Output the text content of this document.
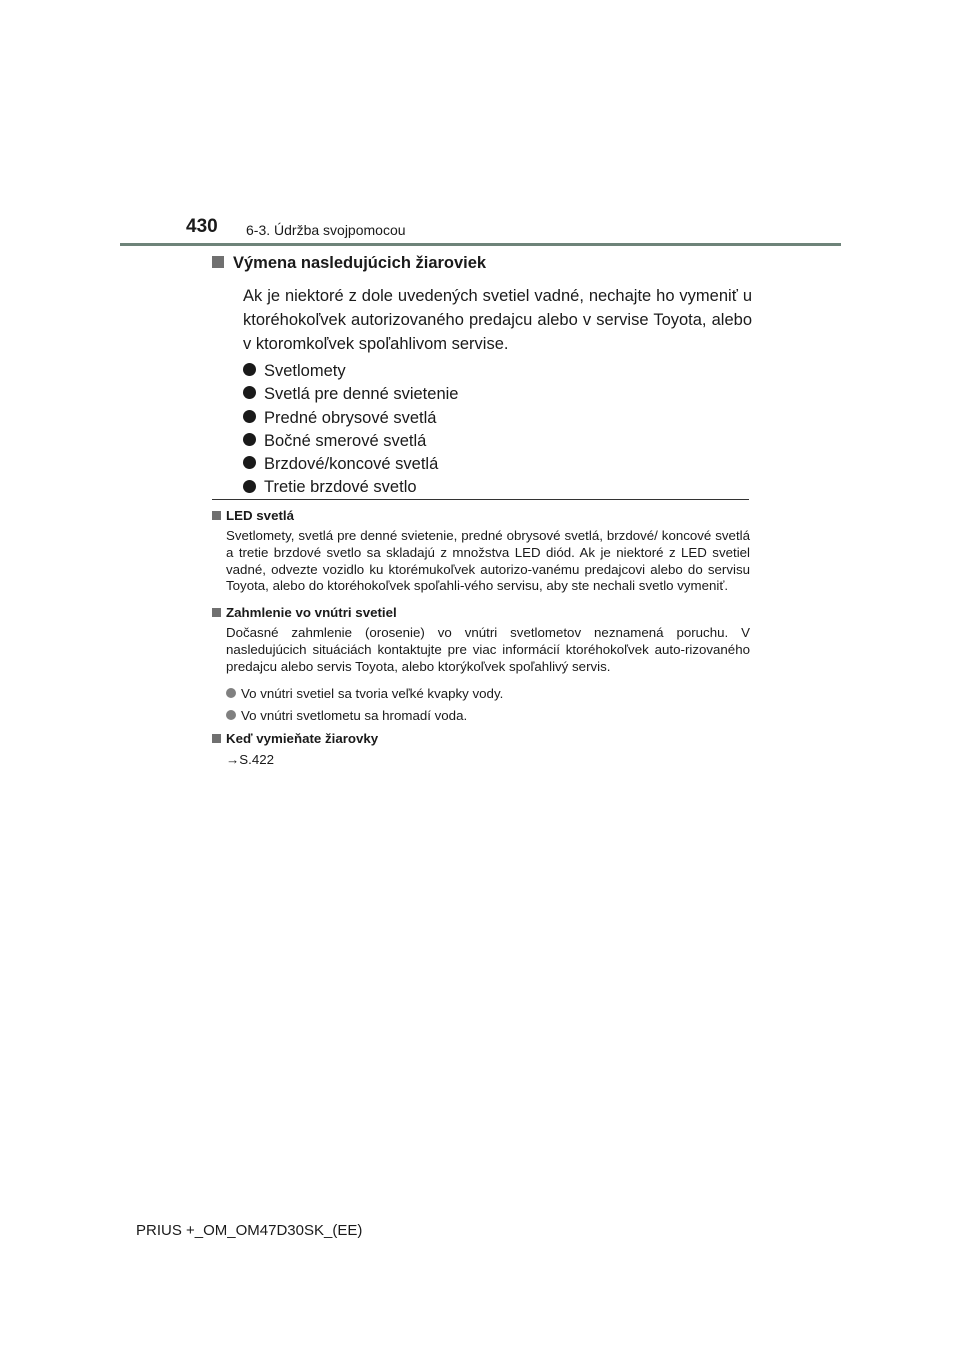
430 6-3. Údržba svojpomocou

Výmena nasledujúcich žiaroviek

Ak je niektoré z dole uvedených svetiel vadné, nechajte ho vymeniť u ktoréhokoľvek autorizovaného predajcu alebo v servise Toyota, alebo v ktoromkoľvek spoľahlivom servise.

Svetlomety
Svetlá pre denné svietenie
Predné obrysové svetlá
Bočné smerové svetlá
Brzdové/koncové svetlá
Tretie brzdové svetlo

LED svetlá

Svetlomety, svetlá pre denné svietenie, predné obrysové svetlá, brzdové/ koncové svetlá a tretie brzdové svetlo sa skladajú z množstva LED diód. Ak je niektoré z LED svetiel vadné, odvezte vozidlo ku ktorémukoľvek autorizo-vanému predajcovi alebo do servisu Toyota, alebo do ktoréhokoľvek spoľahli-vého servisu, aby ste nechali svetlo vymeniť.

Zahmlenie vo vnútri svetiel

Dočasné zahmlenie (orosenie) vo vnútri svetlometov neznamená poruchu. V nasledujúcich situáciách kontaktujte pre viac informácií ktoréhokoľvek auto-rizovaného predajcu alebo servis Toyota, alebo ktorýkoľvek spoľahlivý servis.

Vo vnútri svetiel sa tvoria veľké kvapky vody.

Vo vnútri svetlometu sa hromadí voda.

Keď vymieňate žiarovky

→S.422

PRIUS +_OM_OM47D30SK_(EE)
